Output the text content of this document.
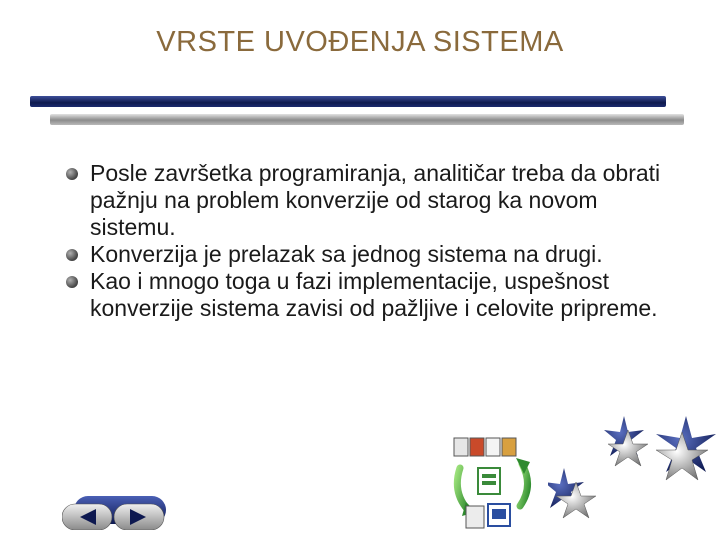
VRSTE UVOĐENJA SISTEMA
Posle završetka programiranja, analitičar treba da obrati pažnju na problem konverzije od starog ka novom sistemu.
Konverzija je prelazak sa jednog sistema na drugi.
Kao i mnogo toga u fazi implementacije, uspešnost konverzije sistema zavisi od pažljive i celovite pripreme.
